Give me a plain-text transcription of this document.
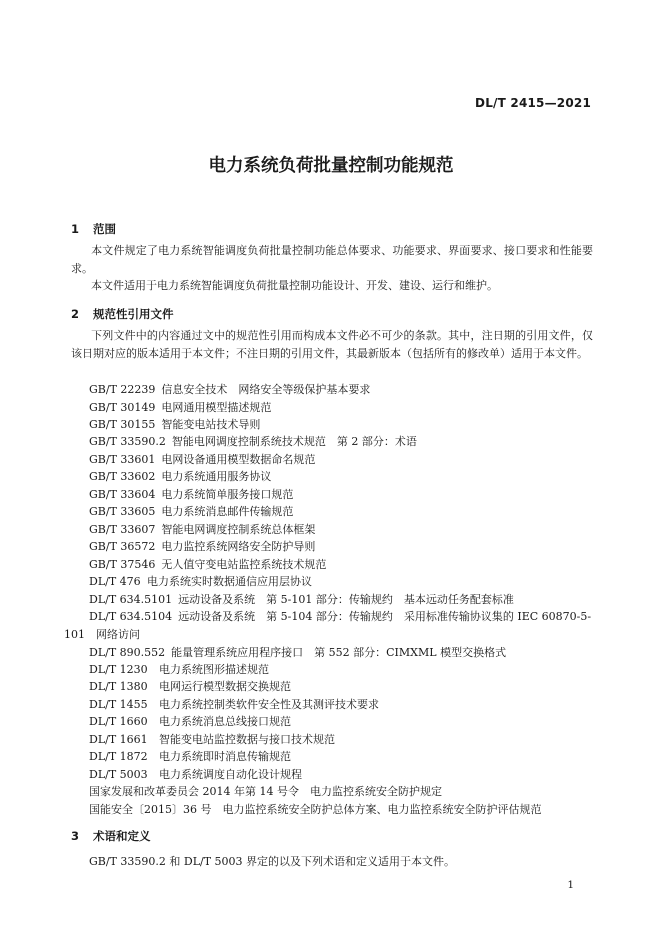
DL/T 2415—2021
电力系统负荷批量控制功能规范
1 范围
本文件规定了电力系统智能调度负荷批量控制功能总体要求、功能要求、界面要求、接口要求和性能要求。
本文件适用于电力系统智能调度负荷批量控制功能设计、开发、建设、运行和维护。
2 规范性引用文件
下列文件中的内容通过文中的规范性引用而构成本文件必不可少的条款。其中，注日期的引用文件，仅该日期对应的版本适用于本文件；不注日期的引用文件，其最新版本（包括所有的修改单）适用于本文件。
GB/T 22239 信息安全技术　网络安全等级保护基本要求
GB/T 30149 电网通用模型描述规范
GB/T 30155 智能变电站技术导则
GB/T 33590.2 智能电网调度控制系统技术规范　第 2 部分：术语
GB/T 33601 电网设备通用模型数据命名规范
GB/T 33602 电力系统通用服务协议
GB/T 33604 电力系统简单服务接口规范
GB/T 33605 电力系统消息邮件传输规范
GB/T 33607 智能电网调度控制系统总体框架
GB/T 36572 电力监控系统网络安全防护导则
GB/T 37546 无人值守变电站监控系统技术规范
DL/T 476 电力系统实时数据通信应用层协议
DL/T 634.5101 远动设备及系统　第 5-101 部分：传输规约　基本远动任务配套标准
DL/T 634.5104 远动设备及系统　第 5-104 部分：传输规约　采用标准传输协议集的 IEC 60870-5-
101　网络访问
DL/T 890.552 能量管理系统应用程序接口　第 552 部分：CIMXML 模型交换格式
DL/T 1230 电力系统图形描述规范
DL/T 1380 电网运行模型数据交换规范
DL/T 1455 电力系统控制类软件安全性及其测评技术要求
DL/T 1660 电力系统消息总线接口规范
DL/T 1661 智能变电站监控数据与接口技术规范
DL/T 1872 电力系统即时消息传输规范
DL/T 5003 电力系统调度自动化设计规程
国家发展和改革委员会 2014 年第 14 号令　电力监控系统安全防护规定
国能安全〔2015〕36 号　电力监控系统安全防护总体方案、电力监控系统安全防护评估规范
3 术语和定义
GB/T 33590.2 和 DL/T 5003 界定的以及下列术语和定义适用于本文件。
1
